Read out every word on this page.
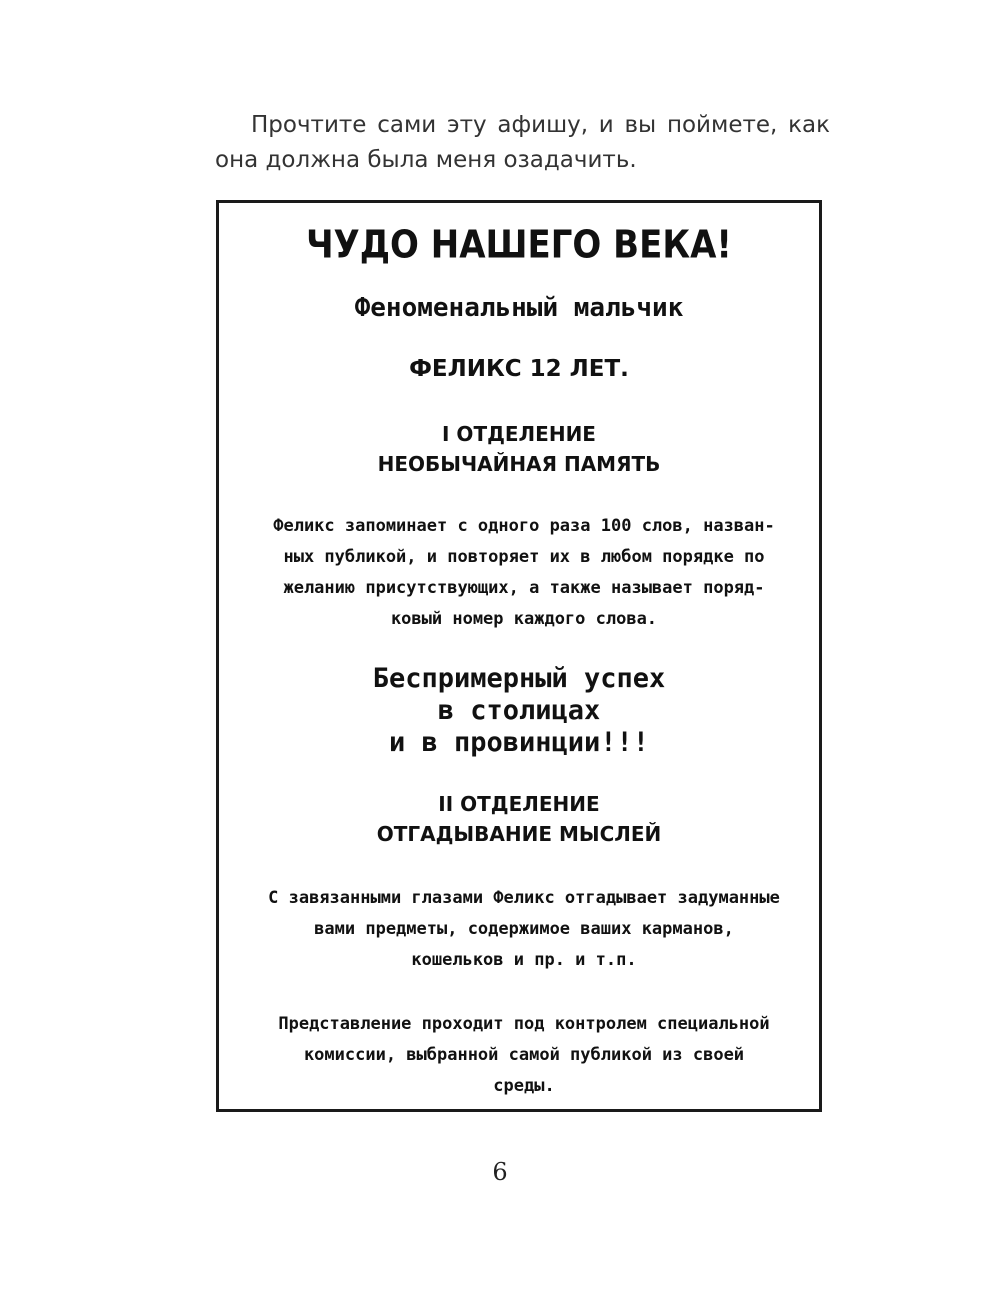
Прочтите сами эту афишу, и вы поймете, как она должна была меня озадачить.
ЧУДО НАШЕГО ВЕКА!
Феноменальный мальчик
ФЕЛИКС 12 ЛЕТ.
I ОТДЕЛЕНИЕ
НЕОБЫЧАЙНАЯ ПАМЯТЬ
Феликс запоминает с одного раза 100 слов, назван-
ных публикой, и повторяет их в любом порядке по
желанию присутствующих, а также называет поряд-
ковый номер каждого слова.
Беспримерный успех
в столицах
и в провинции!!!
II ОТДЕЛЕНИЕ
ОТГАДЫВАНИЕ МЫСЛЕЙ
С завязанными глазами Феликс отгадывает задуманные
вами предметы, содержимое ваших карманов,
кошельков и пр. и т.п.
Представление проходит под контролем специальной
комиссии, выбранной самой публикой из своей
среды.
6
